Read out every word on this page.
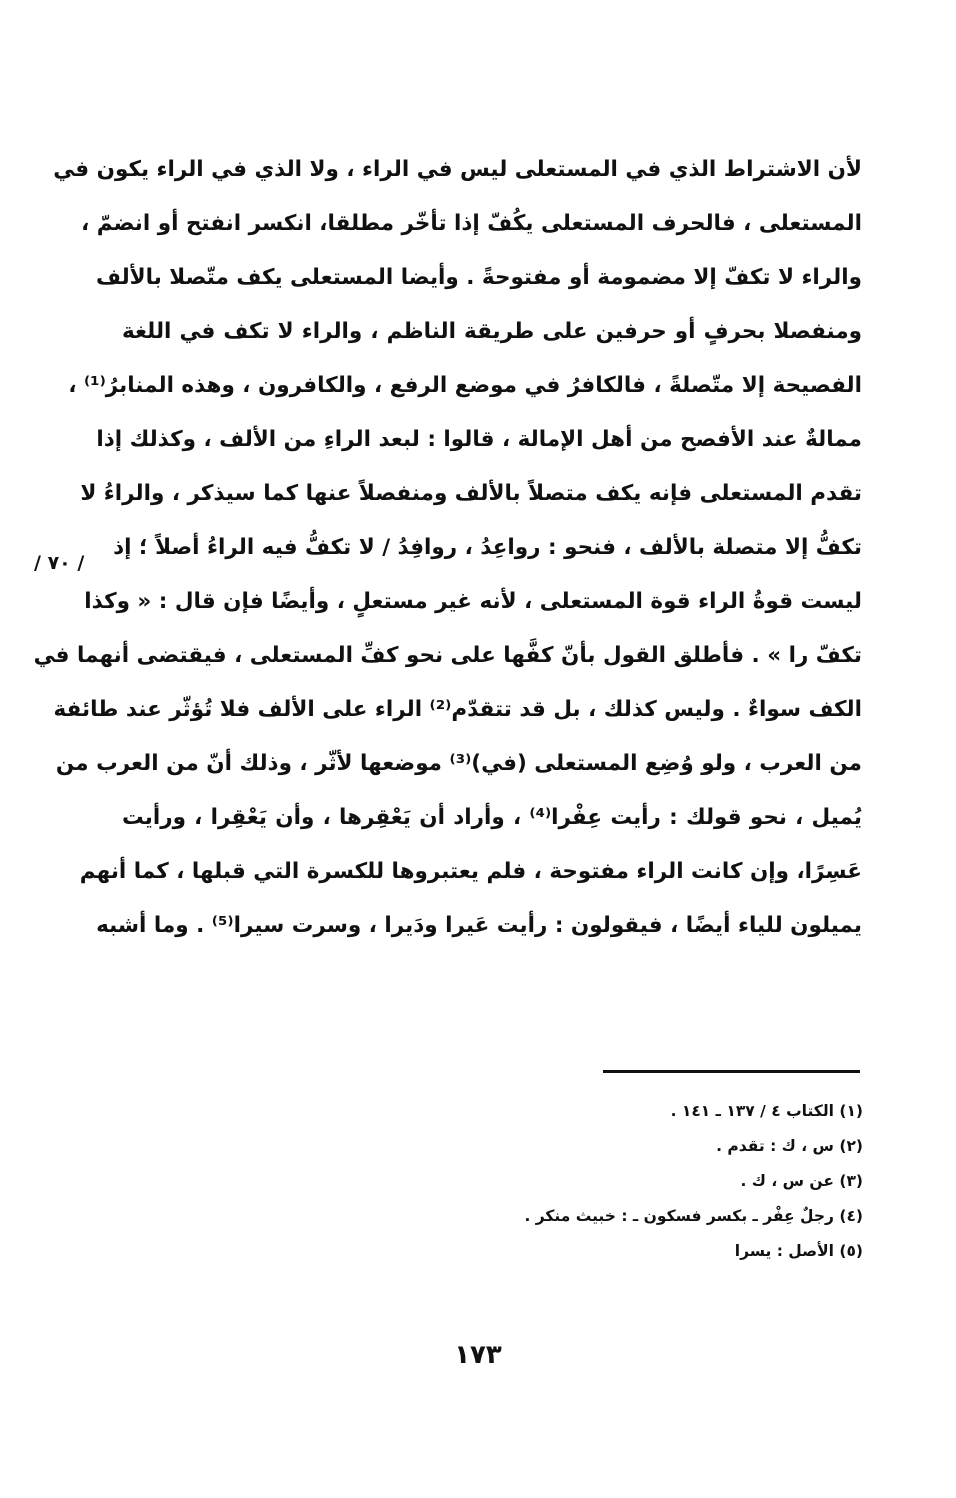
لأن الاشتراط الذي في المستعلى ليس في الراء ، ولا الذي في الراء يكون في
المستعلى ، فالحرف المستعلى يكُفّ إذا تأخّر مطلقا، انكسر انفتح أو انضمّ ،
والراء لا تكفّ إلا مضمومة أو مفتوحةً . وأيضا المستعلى يكف متّصلا بالألف
ومنفصلا بحرفٍ أو حرفين على طريقة الناظم ، والراء لا تكف في اللغة
الفصيحة إلا متّصلةً ، فالكافرُ في موضع الرفع ، والكافرون ، وهذه المنابرُ⁽¹⁾ ،
ممالةٌ عند الأفصح من أهل الإمالة ، قالوا : لبعد الراءِ من الألف ، وكذلك إذا
تقدم المستعلى فإنه يكف متصلاً بالألف ومنفصلاً عنها كما سيذكر ، والراءُ لا
تكفُّ إلا متصلة بالألف ، فنحو : رواعِدُ ، روافِدُ / لا تكفُّ فيه الراءُ أصلاً ؛ إذ
ليست قوةُ الراء قوة المستعلى ، لأنه غير مستعلٍ ، وأيضًا فإن قال : « وكذا
تكفّ را » . فأطلق القول بأنّ كفَّها على نحو كفِّ المستعلى ، فيقتضى أنهما في
الكف سواءٌ . وليس كذلك ، بل قد تتقدّم⁽²⁾ الراء على الألف فلا تُؤثّر عند طائفة
من العرب ، ولو وُضِع المستعلى (في)⁽³⁾ موضعها لأثّر ، وذلك أنّ من العرب من
يُميل ، نحو قولك : رأيت عِفْرا⁽⁴⁾ ، وأراد أن يَعْقِرها ، وأن يَعْقِرا ، ورأيت
عَسِرًا، وإن كانت الراء مفتوحة ، فلم يعتبروها للكسرة التي قبلها ، كما أنهم
يميلون للياء أيضًا ، فيقولون : رأيت عَيرا ودَيرا ، وسرت سيرا⁽⁵⁾ . وما أشبه
/ ٧٠ /
(١) الكتاب ٤ / ١٣٧ ـ ١٤١ .
(٢) س ، ك : تقدم .
(٣) عن س ، ك .
(٤) رجلٌ عِفْر ـ بكسر فسكون ـ : خبيث منكر .
(٥) الأصل : يسرا
١٧٣
